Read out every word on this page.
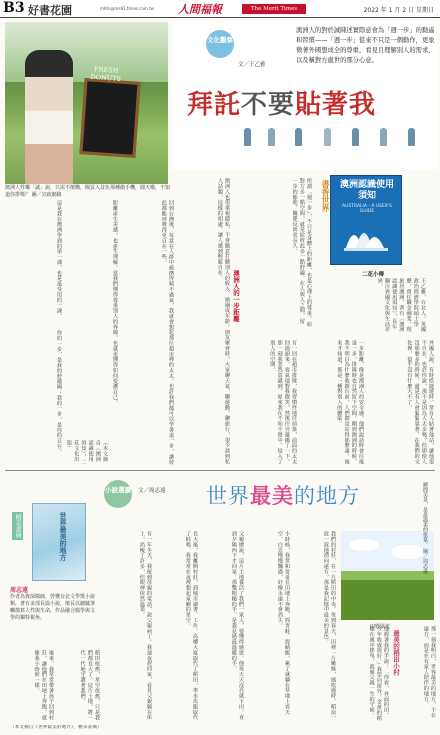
B3 好書花園	mhtn@ms91.times.com.tw 人間福報	The Merit Times	2022 年 1 月 2 日 星期日
FRESH DONUTS
澳洲人性樂「誠」說，只需不擅購，閱買入盆伍那種衝手機，聞天哦，不知道你排嗎？ 圖／宣政網路
文化觀察
文／王乙雅
澳洲人的對於誠陳述實際意會為「週一步」的動遙和習慣——「週一步」從來不只是一個動作，更象徵著外國想成全的尊重，看見且理解別人的需求，以及稱對方處世的那分心意。
拜託不要貼著我
澳洲認識使用須知
AUSTRALIA · A USER'S GUIDE
書香世界
二花小傳
王乙雅，台北人。英國政治經濟學院碩士學歷，曾任職金融業，現旅居澳洲，著有《澳洲認識使用須知》，長年關注異國文化與生活差異。
外國人說，有時搭捷運時，常有人貼著他站，讓他很不自在。也許你說，那不是因為人太多嗎？但即使人沒那麼多的時候，還是有人會緊緊靠著，在我們的文化裡，似乎沒有什麼大不了。
一步距離，像是澳洲人的安全感。他們說話時會往後退一步，排隊時也自然留下空間。剛到澳洲的時候，我不明白為什麼收銀台前，人們總是站得那麼遠，後來才知道，那是一種對別人的體貼。
有一回在超市排隊，我習慣性地往前靠，前面的太太回過頭來，客氣地對我微笑，然後往旁邊挪了一下。那一刻我忽然意識到，原來我在不知不覺中，侵入了別人的空間。
澳洲人也很重視隱私，不會隨意打聽別人的收入、婚姻或年齡。朋友聚會時，大家聊天氣、聊運動、聊旅行，很少談到私人話題。這樣的相處，讓人感到輕鬆自在。	所謂「週一步」，不只是身體上的距離，也是心理上的尊重。給對方多一點空間，就是給彼此多一點舒適。在人與人之間，留一步的餘地，關係反而更長久。
回到台灣後，每當在人群中被擠得喘不過氣，我就會想起那位超市裡的太太。也許我們都可以學著退一步，讓彼此都能呼吸得更自在一些。
距離產生美感，也產生理解。當我們懂得尊重別人的界線，也就更懂得如何愛護自己。
這是我在澳洲學到的第一課，也是最受用的一課。
你的一步，是我的舒適圈；我的一步，是你的自在。	（本文摘自《澳洲認識使用須知》，二花文化出版）
澳洲人的一步距離
小說選讀 文／周志遠 世界最美的地方
精采書摘	世界最美的地方
周志遠
作者為資深醫師，曾獲台北文學獎小說類，著有多部長篇小說，擅長以細膩筆觸描寫人性與生命，作品融合醫學與文學的獨特視角。
鄉間美景，是最溫柔的依靠。 圖／周志遠
最美的稻田小村
我們的村莊，在一片稻田的中央。每到春天，田裡一片嫩綠，風吹過時，稻浪一波一波地湧向遠方，那是我記憶中最美的景色。
小時候，我常和哥哥在田埂上奔跑，抓青蛙、捉蜻蜓，累了就躺在草地上看天空。白雲慢慢飄過，好像永遠不會消失。
父親總說，這片土地養活了我們一家人，要懂得感恩。他每天天沒亮就下田，直到夕陽西下才回家。那雙粗糙的手，是我見過最溫暖的手。
長大後，我離開村莊，到城市讀書、工作。高樓大廈取代了稻田，車水馬龍取代了蛙鳴。我常常在夜裡想起家鄉的星空。
有一年冬天，我接到母親的電話，說父親病了。我連夜趕回家，看見父親躺在床上，消瘦了許多，但眼神依然溫柔。
他握著我的手說：「你看，外面的田，今年收成很好。」我望向窗外，金黃的稻穗在風中搖曳，就像父親一生的守候。	那一刻我明白，世界最美的地方，不在遠方，而是在有家人陪伴的地方。
後來，我常常帶著孩子回到村莊，讓他們在田埂上奔跑，就像我小時候一樣。	稻田依舊，星空依舊，只是我們都長大了。這片土地，將一代一代地守護著我們。
（本文摘自《世界最美的地方》，精采書摘）
田野風光
